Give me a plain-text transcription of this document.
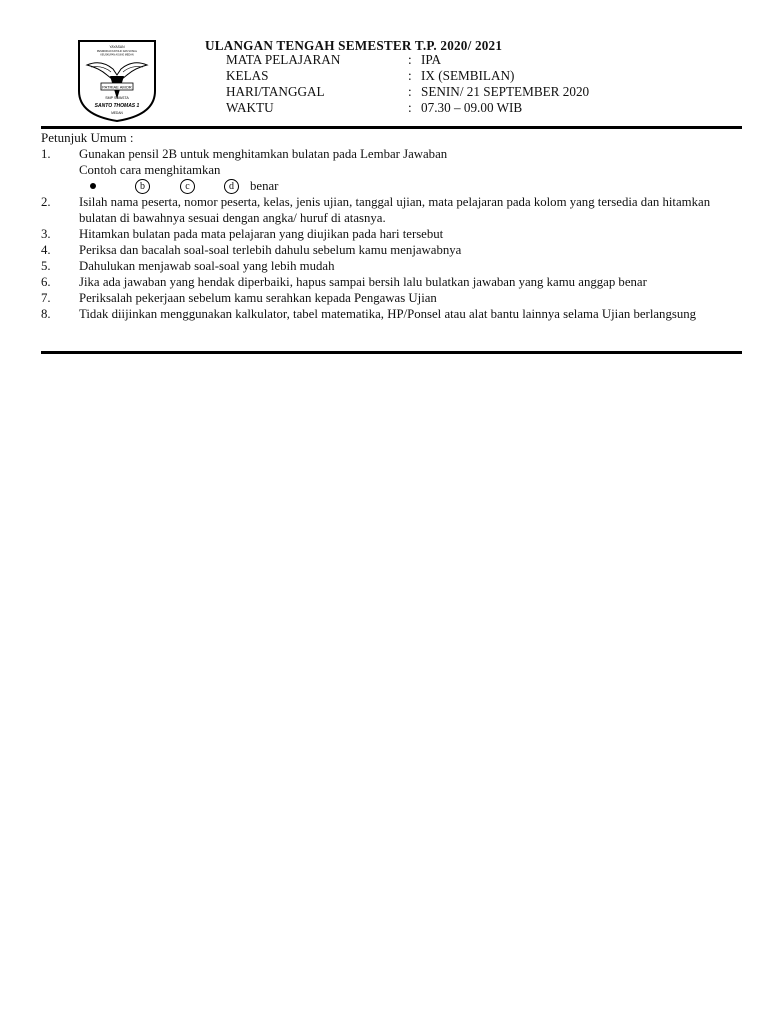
YAYASAN
PENDIDIKAN KATOLIK DAN SOSIAL
KEUSKUPAN AGUNG MEDAN
PATRIAE AMOR
SMP SWASTA
SANTO THOMAS 1
MEDAN
ULANGAN TENGAH SEMESTER T.P. 2020/ 2021
MATA PELAJARAN	: IPA
KELAS	: IX (SEMBILAN)
HARI/TANGGAL	: SENIN/ 21 SEPTEMBER 2020
WAKTU	: 07.30 – 09.00 WIB
Petunjuk Umum :
1. Gunakan pensil 2B untuk menghitamkan bulatan pada Lembar Jawaban
Contoh cara menghitamkan
b	c	d	benar
2. Isilah nama peserta, nomor peserta, kelas, jenis ujian, tanggal ujian, mata pelajaran pada kolom yang tersedia dan hitamkan bulatan di bawahnya sesuai dengan angka/ huruf di atasnya.
3. Hitamkan bulatan pada mata pelajaran yang diujikan pada hari tersebut
4. Periksa dan bacalah soal-soal terlebih dahulu sebelum kamu menjawabnya
5. Dahulukan menjawab soal-soal yang lebih mudah
6. Jika ada jawaban yang hendak diperbaiki, hapus sampai bersih lalu bulatkan jawaban yang kamu anggap benar
7. Periksalah pekerjaan sebelum kamu serahkan kepada Pengawas Ujian
8. Tidak diijinkan menggunakan kalkulator, tabel matematika, HP/Ponsel atau alat bantu lainnya selama Ujian berlangsung
